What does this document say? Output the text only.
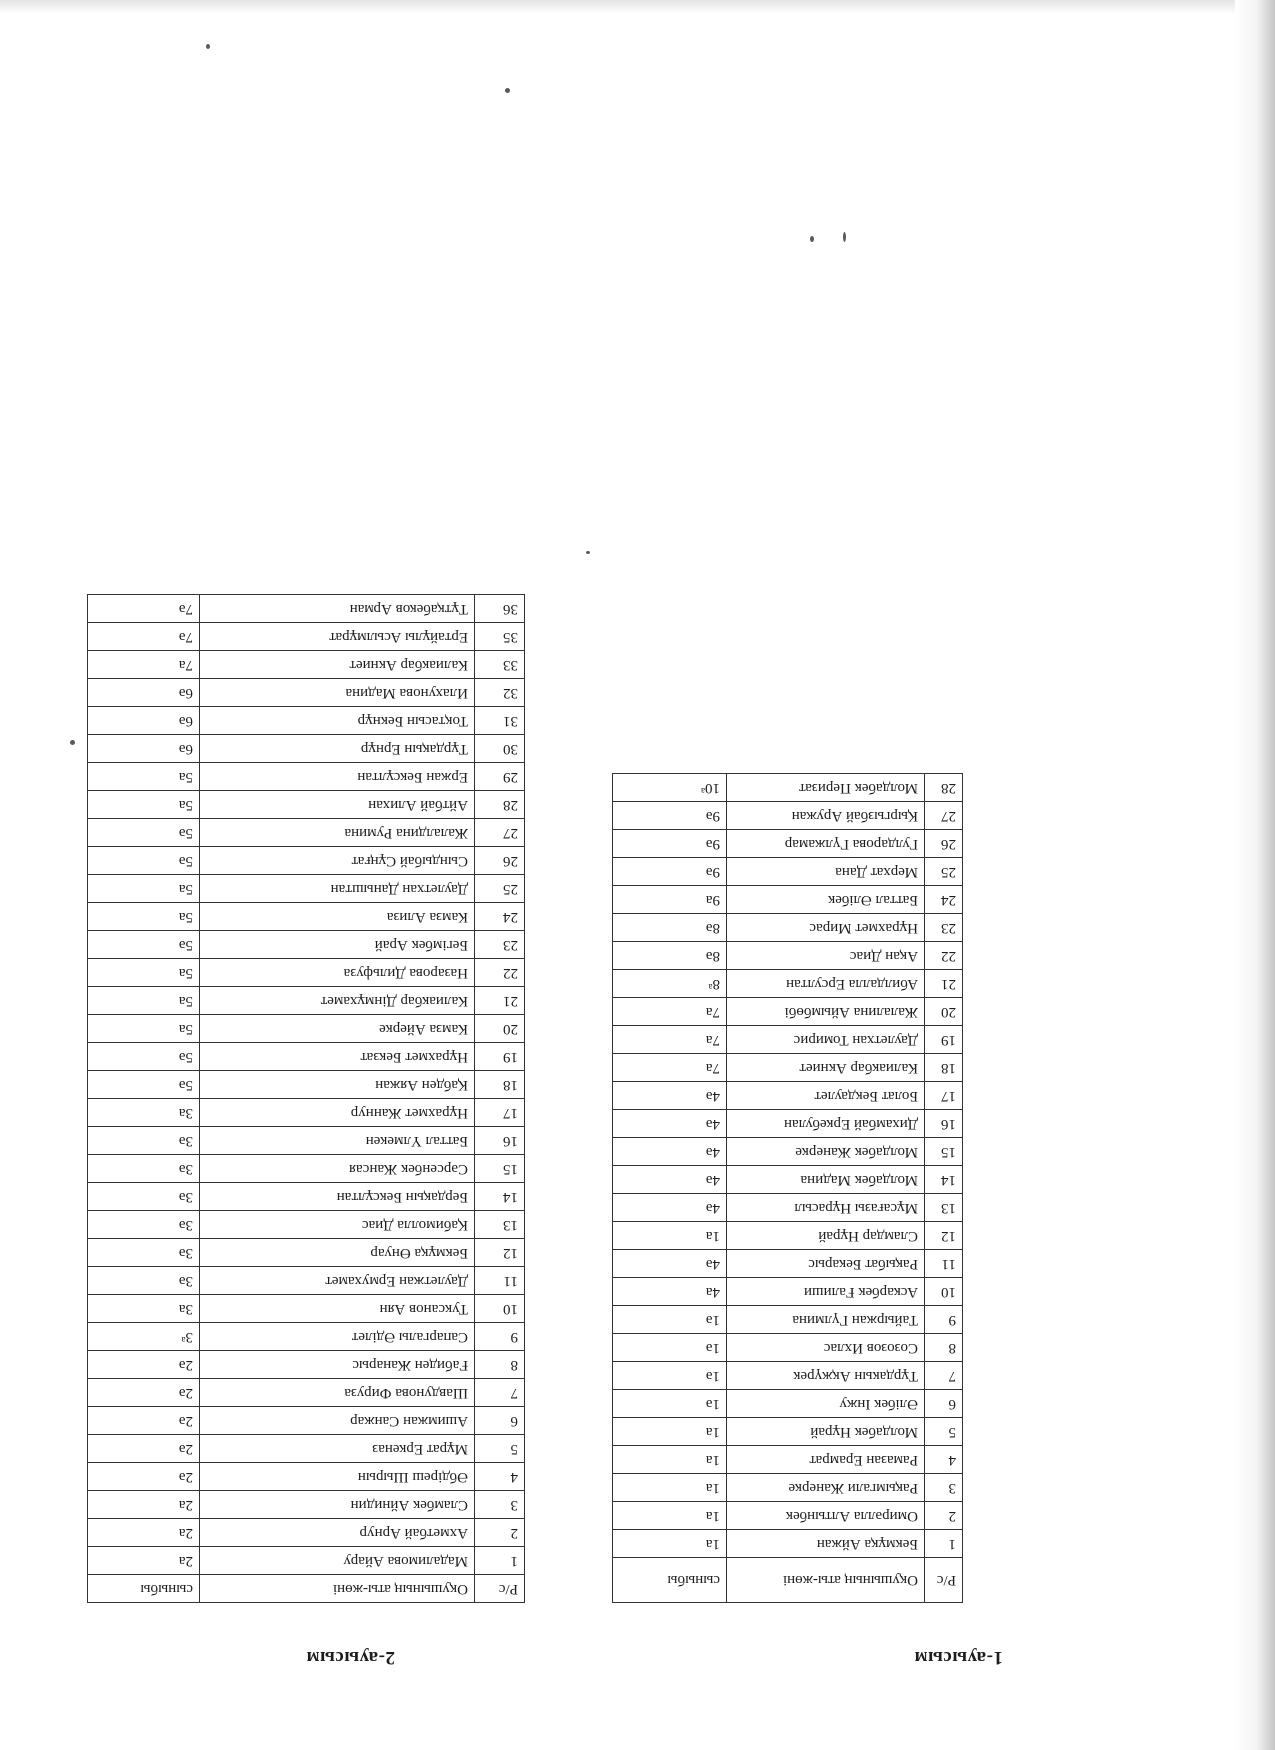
1-ауысым
2-ауысым
Р/с	Оқушының аты-жөні	сыныбы
1	Бекмұқа Айжан	1а
2	Омирәлла Алтынбек	1а
3	Рақымгали Жанерке	1а
4	Рамазан Ерамрат	1а
5	Молдабек Нұрай	1а
6	Әлібек Інжу	1ә
7	Тұрдакын Ақжүрек	1ә
8	Созозов Ихлас	1ә
9	Тайыржан Гүлмина	1ә
10	Аскарбек Ғалиши	4а
11	Рақыбат Бекарыс	4ә
12	Сламдар Нұрай	1а
13	Мұсағазы Нұрасыл	4ә
14	Молдабек Мадина	4ә
15	Молдабек Жанерке	4ә
16	Дихамбай Еркебулан	4ә
17	Болат Бекдаулет	4ә
18	Калиакбар Акниет	7а
19	Даулетхан Томирис	7а
20	Жалалина Айымбөбі	7а
21	Абилдалла Ерсултан	8ᵃ
22	Ақан Диас	8ә
23	Нұрахмет Мирас	8ә
24	Баттал Әлібек	9а
25	Мерхат Дана	9ә
26	Гулдарова Гүлжамар	9ә
27	Қыргызбай Аружан	9ә
28	Молдабек Перизат	10ᵃ
Р/с	Оқушының аты-жөні	сыныбы
1	Мадалимова Айару	2а
2	Ахметбай Арнур	2а
3	Сламбек Айнидин	2а
4	Әбдіреш Шырын	2ә
5	Мұрат Еркеназ	2ә
6	Ашимжан Санжар	2ә
7	Шавдунова Фируза	2ә
8	Ғабиден Жанарыс	2ә
9	Сапаргалы Әділет	3ᵃ
10	Туксанов Аян	3а
11	Даулетжан Ермухамет	3ә
12	Бекмұқа Өнуар	3ә
13	Қабимолла Диас	3ә
14	Бердақын Бексұлтан	3ә
15	Сәрсенбек Жансая	3ә
16	Баттал Үлмекен	3ә
17	Нұрахмет Жаннур	3а
18	Қабден Аяжан	5ә
19	Нұрахмет Бекзат	5ә
20	Камза Айерке	5а
21	Калиакбар Дінмұхамет	5а
22	Назарова Дильфуза	5а
23	Бегімбек Арай	5ә
24	Камза Ализа	5а
25	Даулетхан Даныштан	5а
26	Сындыбай Сұңғат	5ә
27	Жалалдина Румина	5ә
28	Айтбай Алихан	5а
29	Ержан Бексұлтан	5а
30	Тұрдақын Ернұр	6ә
31	Тоқтасын Бекнұр	6ә
32	Илахунова Мадина	6ә
33	Калиакбар Акниет	7а
35	Ертайұлы Асылмұрат	7ә
36	Тұтқабеков Арман	7ә
